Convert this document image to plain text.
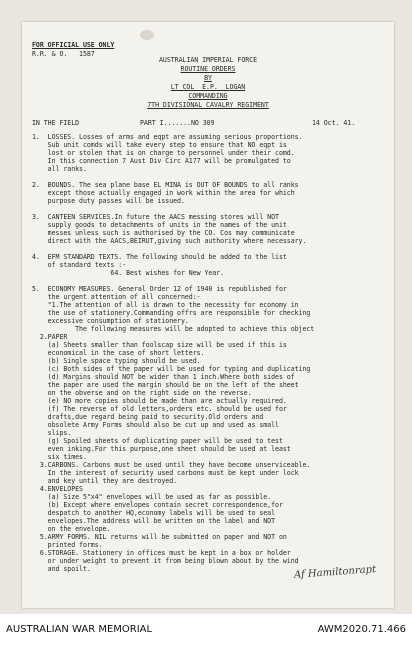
FOR OFFICIAL USE ONLY
R.R. & O.   1587
AUSTRALIAN IMPERIAL FORCE
ROUTINE ORDERS
BY
LT COL  E.P.  LOGAN
COMMANDING
7TH DIVISIONAL CAVALRY REGIMENT
IN THE FIELD	PART I.......NO 309	14 Oct. 41.
1.  LOSSES. Losses of arms and eqpt are assuming serious proportions.
Sub unit comds will take every step to ensure that NO eqpt is
lost or stolen that is on charge to personnel under their comd.
In this connection 7 Aust Div Circ A177 will be promulgated to
all ranks.
2.  BOUNDS. The sea plane base EL MINA is OUT OF BOUNDS to all ranks
except those actually engaged in work within the area for which
purpose duty passes will be issued.
3.  CANTEEN SERVICES.In future the AACS messing stores will NOT
supply goods to detachments of units in the names of the unit
messes unless such is authorised by the CO. Cos may communicate
direct with the AACS,BEIRUT,giving such authority where necessary.
4.  EFM STANDARD TEXTS. The following should be added to the list
of standard texts :-
64. Best wishes for New Year.
5.  ECONOMY MEASURES. General Order 12 of 1940 is republished for
the urgent attention of all concerned:-
"1.The attention of all is drawn to the necessity for economy in
the use of stationery.Commanding offrs are responsible for checking
excessive consumption of stationery.
The following measures will be adopted to achieve this object
2.PAPER
(a) Sheets smaller than foolscap size will be used if this is
economical in the case of short letters.
(b) Single space typing should be used.
(c) Both sides of the paper will be used for typing and duplicating
(d) Margins should NOT be wider than 1 inch.Where both sides of
the paper are used the margin should be on the left of the sheet
on the obverse and on the right side on the reverse.
(e) NO more copies should be made than are actually required.
(f) The reverse of old letters,orders etc. should be used for
drafts,due regard being paid to security.Old orders and
obsolete Army Forms should also be cut up and used as small
slips.
(g) Spoiled sheets of duplicating paper will be used to test
even inking.For this purpose,one sheet should be used at least
six times.
3.CARBONS. Carbons must be used until they have become unserviceable.
In the interest of security used carbons must be kept under lock
and key until they are destroyed.
4.ENVELOPES
(a) Size 5"x4" envelopes will be used as far as possible.
(b) Except where envelopes contain secret correspondence,for
despatch to another HQ,economy labels will be used to seal
envelopes.The address will be written on the label and NOT
on the envelope.
5.ARMY FORMS. NIL returns will be submitted on paper and NOT on
printed forms.
6.STORAGE. Stationery in offices must be kept in a box or holder
or under weight to prevent it from being blown about by the wind
and spoilt.	Af Hamiltonrapt
AUSTRALIAN WAR MEMORIAL	AWM2020.71.466
